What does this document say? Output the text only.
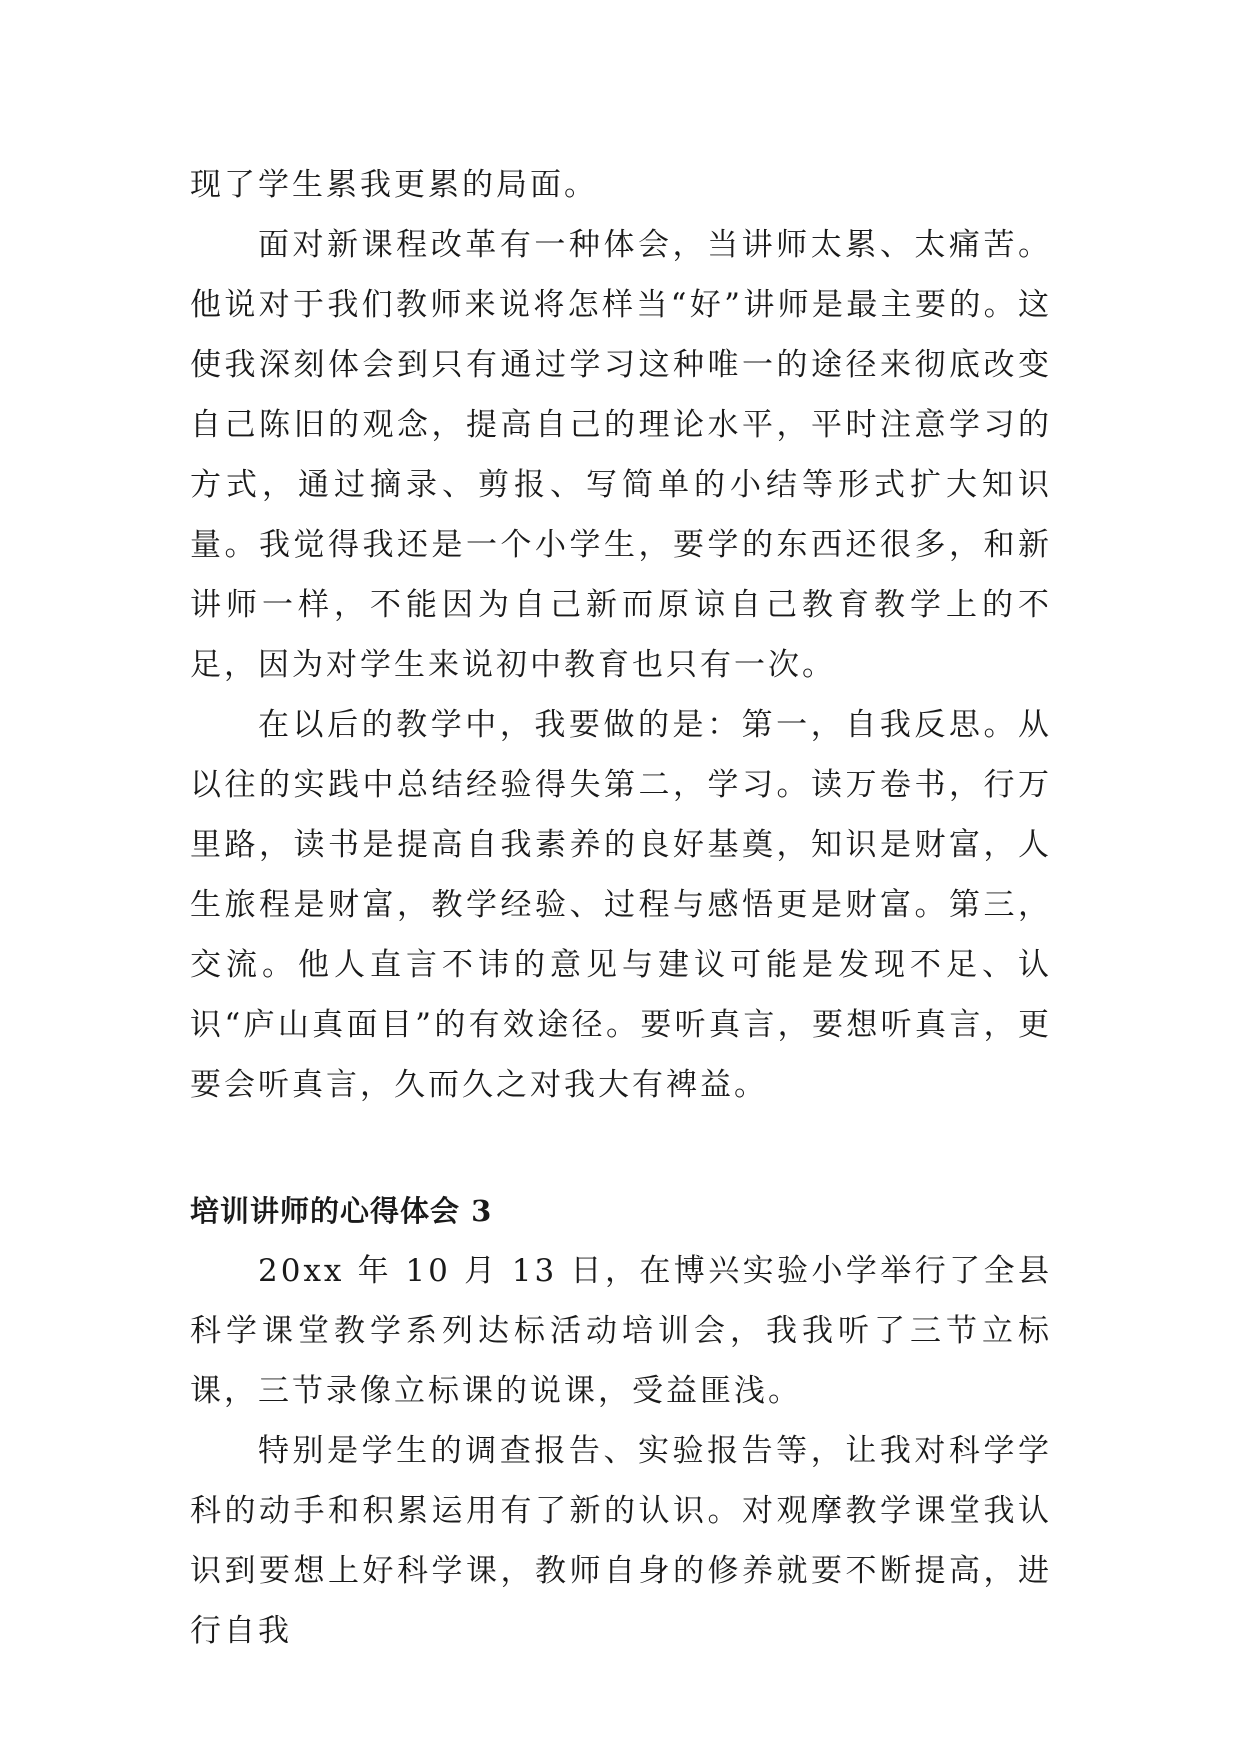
现了学生累我更累的局面。

面对新课程改革有一种体会，当讲师太累、太痛苦。他说对于我们教师来说将怎样当“好”讲师是最主要的。这使我深刻体会到只有通过学习这种唯一的途径来彻底改变自己陈旧的观念，提高自己的理论水平，平时注意学习的方式，通过摘录、剪报、写简单的小结等形式扩大知识量。我觉得我还是一个小学生，要学的东西还很多，和新讲师一样，不能因为自己新而原谅自己教育教学上的不足，因为对学生来说初中教育也只有一次。

在以后的教学中，我要做的是：第一，自我反思。从以往的实践中总结经验得失第二，学习。读万卷书，行万里路，读书是提高自我素养的良好基奠，知识是财富，人生旅程是财富，教学经验、过程与感悟更是财富。第三，交流。他人直言不讳的意见与建议可能是发现不足、认识“庐山真面目”的有效途径。要听真言，要想听真言，更要会听真言，久而久之对我大有裨益。

培训讲师的心得体会 3

20xx 年 10 月 13 日，在博兴实验小学举行了全县科学课堂教学系列达标活动培训会，我我听了三节立标课，三节录像立标课的说课，受益匪浅。

特别是学生的调查报告、实验报告等，让我对科学学科的动手和积累运用有了新的认识。对观摩教学课堂我认识到要想上好科学课，教师自身的修养就要不断提高，进行自我
